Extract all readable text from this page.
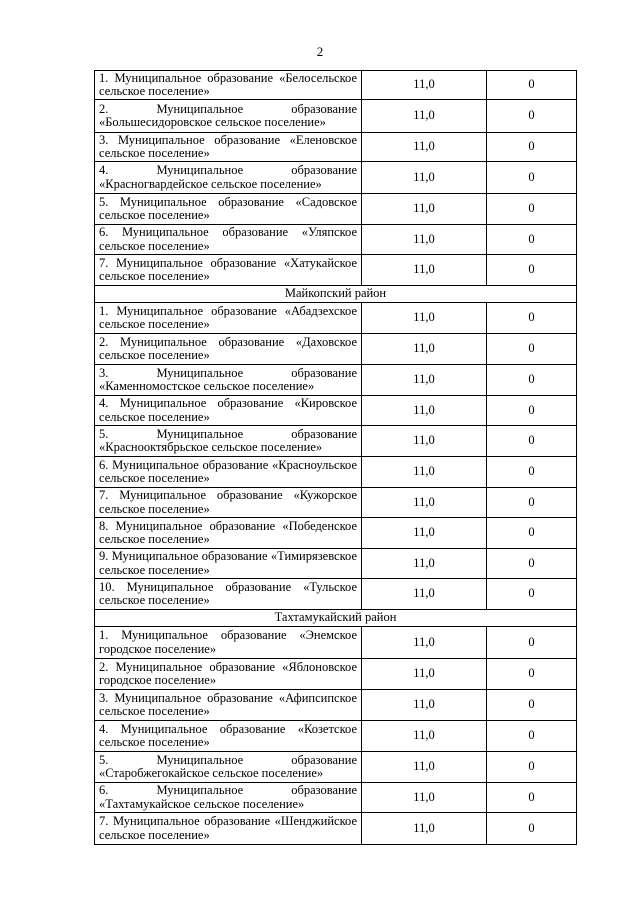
2
1. Муниципальное образование «Белосельское сельское поселение»	11,0	0
2. Муниципальное образование «Большесидоровское сельское поселение»	11,0	0
3. Муниципальное образование «Еленовское сельское поселение»	11,0	0
4. Муниципальное образование «Красногвардейское сельское поселение»	11,0	0
5. Муниципальное образование «Садовское сельское поселение»	11,0	0
6. Муниципальное образование «Уляпское сельское поселение»	11,0	0
7. Муниципальное образование «Хатукайское сельское поселение»	11,0	0
Майкопский район		
1. Муниципальное образование «Абадзехское сельское поселение»	11,0	0
2. Муниципальное образование «Даховское сельское поселение»	11,0	0
3. Муниципальное образование «Каменномостское сельское поселение»	11,0	0
4. Муниципальное образование «Кировское сельское поселение»	11,0	0
5. Муниципальное образование «Красноoктябрьское сельское поселение»	11,0	0
6. Муниципальное образование «Красноульское сельское поселение»	11,0	0
7. Муниципальное образование «Кужорское сельское поселение»	11,0	0
8. Муниципальное образование «Победенское сельское поселение»	11,0	0
9. Муниципальное образование «Тимирязевское сельское поселение»	11,0	0
10. Муниципальное образование «Тульское сельское поселение»	11,0	0
Тахтамукайский район		
1. Муниципальное образование «Энемское городское поселение»	11,0	0
2. Муниципальное образование «Яблоновское городское поселение»	11,0	0
3. Муниципальное образование «Афипсипское сельское поселение»	11,0	0
4. Муниципальное образование «Козетское сельское поселение»	11,0	0
5. Муниципальное образование «Старобжегокайское сельское поселение»	11,0	0
6. Муниципальное образование «Тахтамукайское сельское поселение»	11,0	0
7. Муниципальное образование «Шенджийское сельское поселение»	11,0	0
